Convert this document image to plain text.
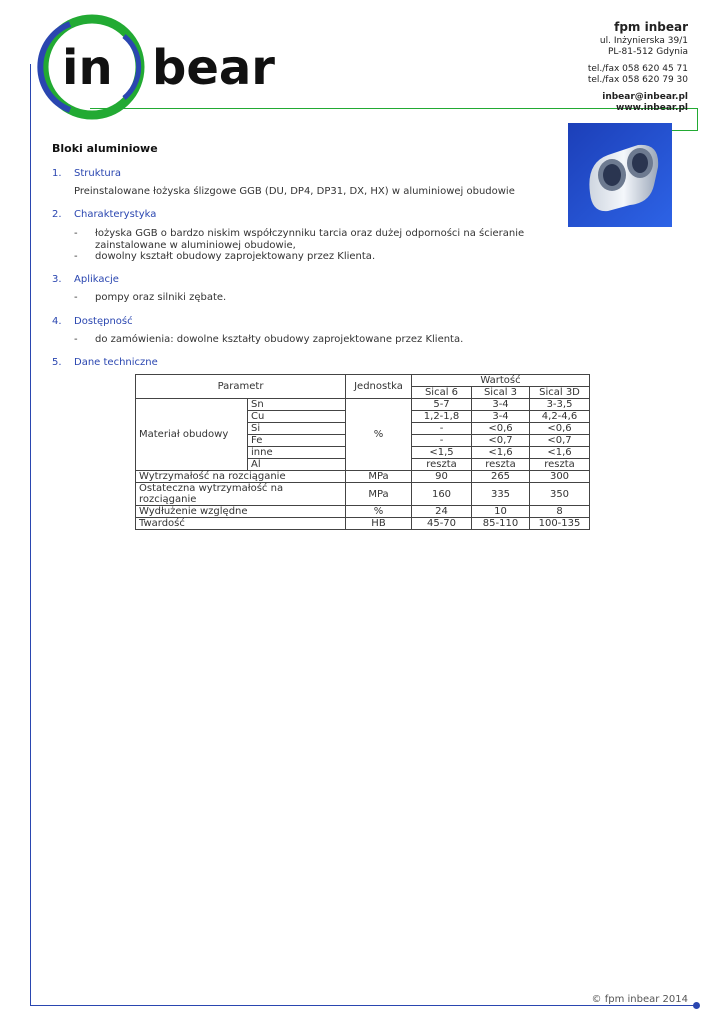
in bear
fpm inbear
ul. Inżynierska 39/1
PL-81-512 Gdynia
tel./fax 058 620 45 71
tel./fax 058 620 79 30
inbear@inbear.pl
www.inbear.pl
Bloki aluminiowe
1. Struktura
Preinstalowane łożyska ślizgowe GGB (DU, DP4, DP31, DX, HX) w aluminiowej obudowie
2. Charakterystyka
- łożyska GGB o bardzo niskim współczynniku tarcia oraz dużej odporności na ścieranie zainstalowane w aluminiowej obudowie,
- dowolny kształt obudowy zaprojektowany przez Klienta.
3. Aplikacje
- pompy oraz silniki zębate.
4. Dostępność
- do zamówienia: dowolne kształty obudowy zaprojektowane przez Klienta.
5. Dane techniczne
Parametr		Jednostka	Wartość		
			Sical 6	Sical 3	Sical 3D
Materiał obudowy	Sn	%	5-7	3-4	3-3,5
	Cu		1,2-1,8	3-4	4,2-4,6
	Si		-	<0,6	<0,6
	Fe		-	<0,7	<0,7
	inne		<1,5	<1,6	<1,6
	Al		reszta	reszta	reszta
Wytrzymałość na rozciąganie		MPa	90	265	300
Ostateczna wytrzymałość na rozciąganie		MPa	160	335	350
Wydłużenie względne		%	24	10	8
Twardość		HB	45-70	85-110	100-135
© fpm inbear 2014
